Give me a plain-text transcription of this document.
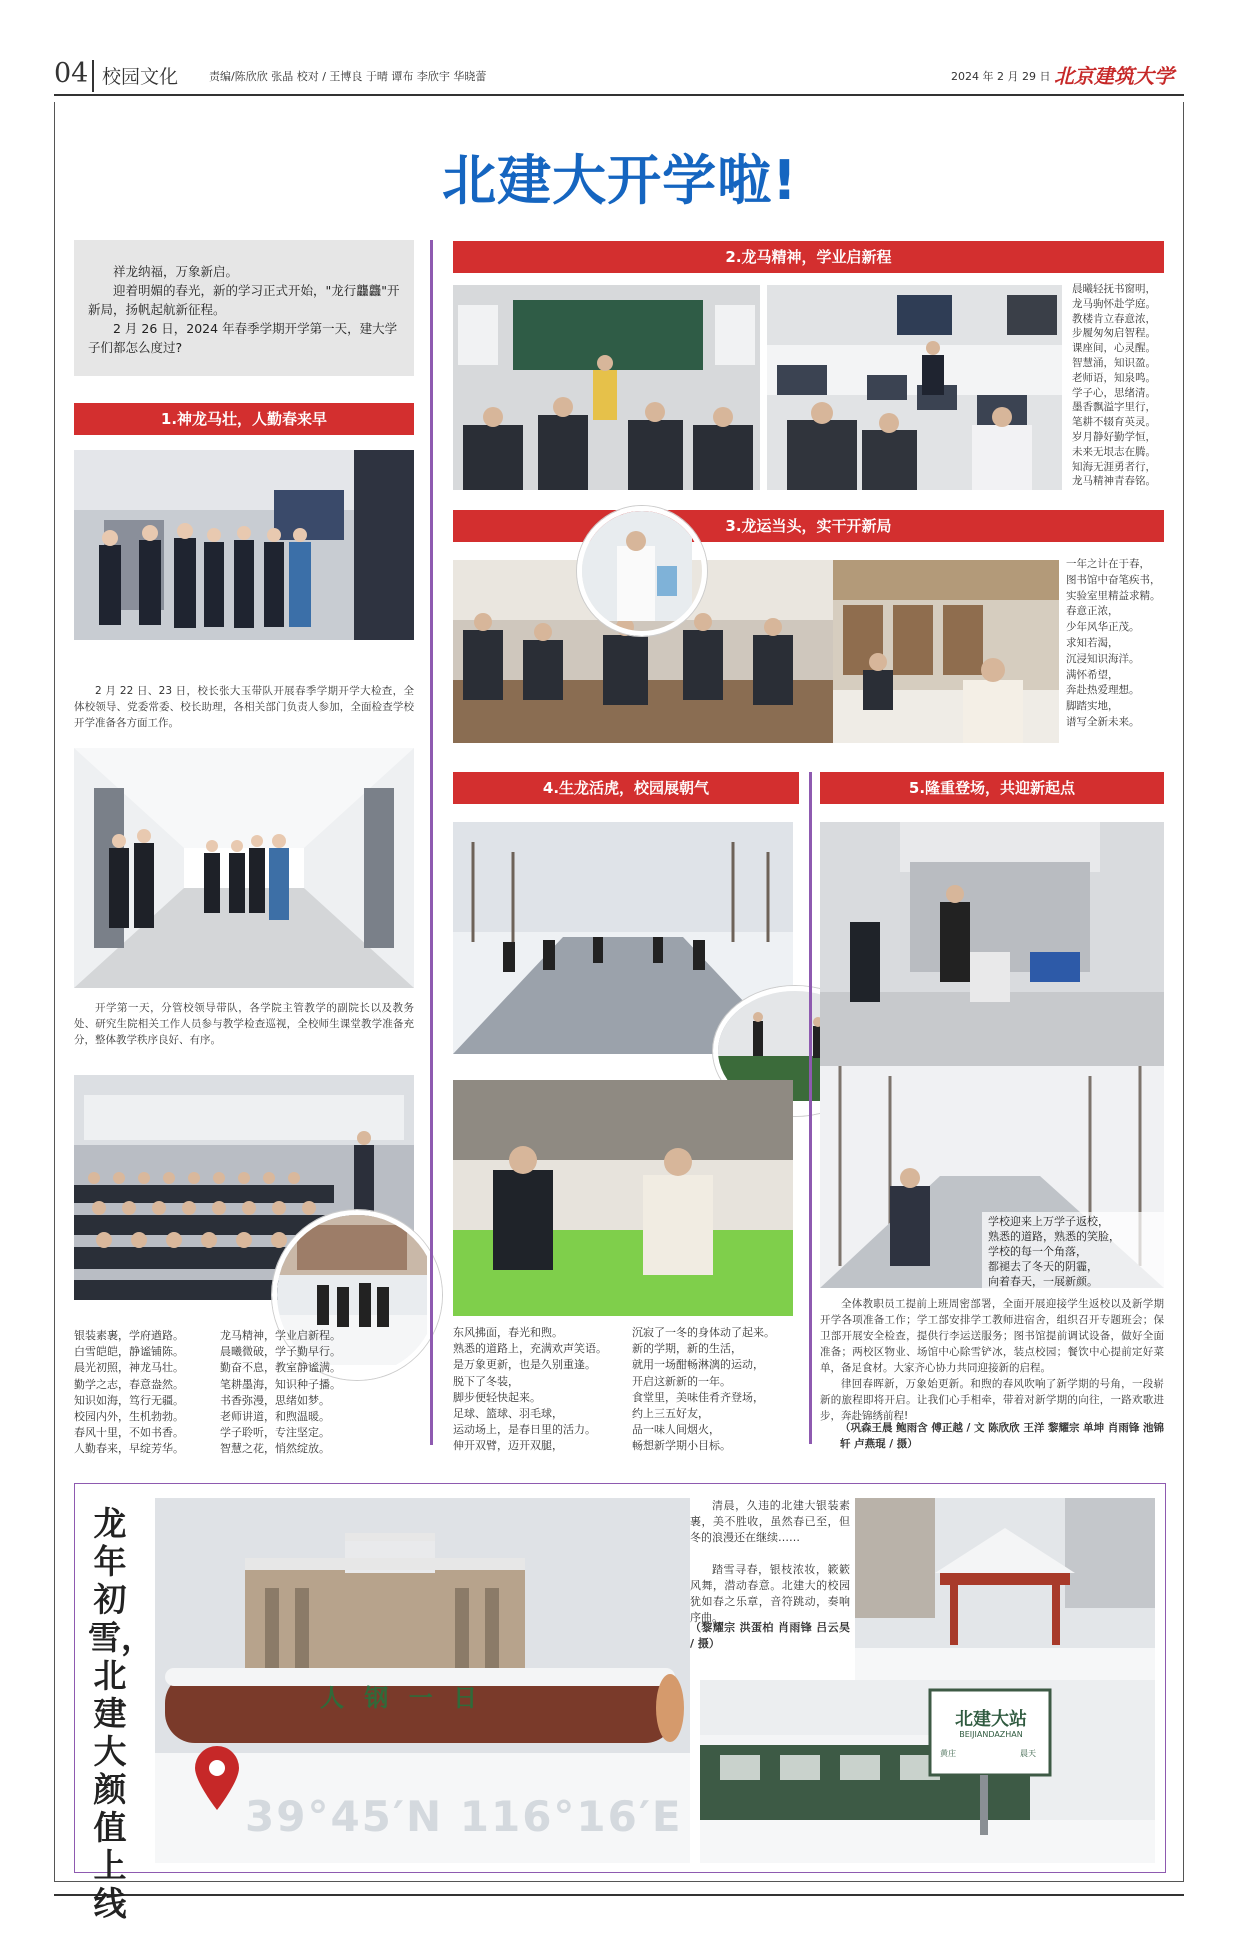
04 校园文化	责编/陈欣欣 张晶 校对 / 王博良 于晴 谭布 李欣宇 华晓蕾	2024 年 2 月 29 日 北京建筑大学
北建大开学啦!

祥龙纳福，万象新启。

迎着明媚的春光，新的学习正式开始，"龙行龘龘"开新局，扬帆起航新征程。

2 月 26 日，2024 年春季学期开学第一天，建大学子们都怎么度过?

1.神龙马壮，人勤春来早
2 月 22 日、23 日，校长张大玉带队开展春季学期开学大检查，全体校领导、党委常委、校长助理，各相关部门负责人参加，全面检查学校开学准备各方面工作。
开学第一天，分管校领导带队，各学院主管教学的副院长以及教务处、研究生院相关工作人员参与教学检查巡视，全校师生课堂教学准备充分，整体教学秩序良好、有序。
银装素裹，学府遒路。
白雪皑皑，静谧铺陈。
晨光初照，神龙马壮。
勤学之志，春意盎然。
知识如海，笃行无疆。
校园内外，生机勃勃。
春风十里，不如书香。
人勤春来，早绽芳华。
龙马精神，学业启新程。
晨曦微破，学子勤早行。
勤奋不息，教室静谧满。
笔耕墨海，知识种子播。
书香弥漫，思绪如梦。
老师讲道，和煦温暖。
学子聆听，专注坚定。
智慧之花，悄然绽放。
2.龙马精神，学业启新程
晨曦轻抚书窗明，
龙马驹怀赴学庭。
教楼肯立春意浓，
步履匆匆启智程。
课座间，心灵醒。
智慧涌，知识盈。
老师语，知泉鸣。
学子心，思绪清。
墨香飘溢字里行，
笔耕不辍育英灵。
岁月静好勤学恒，
未来无垠志在腾。
知海无涯勇者行，
龙马精神青春铭。
3.龙运当头，实干开新局
一年之计在于春，
图书馆中奋笔疾书，
实验室里精益求精。
春意正浓，
少年风华正茂。
求知若渴，
沉浸知识海洋。
满怀希望，
奔赴热爱理想。
脚踏实地，
谱写全新未来。
4.生龙活虎，校园展朝气
东风拂面，春光和煦。
熟悉的道路上，充满欢声笑语。
是万象更新，也是久别重逢。
脱下了冬装，
脚步便轻快起来。
足球、篮球、羽毛球，
运动场上，是春日里的活力。
伸开双臂，迈开双腿，
沉寂了一冬的身体动了起来。
新的学期，新的生活，
就用一场酣畅淋漓的运动，
开启这新新的一年。
食堂里，美味佳肴齐登场，
约上三五好友，
品一味人间烟火，
畅想新学期小目标。
5.隆重登场，共迎新起点
学校迎来上万学子返校，
熟悉的道路，熟悉的笑脸，
学校的每一个角落，
都褪去了冬天的阴霾，
向着春天，一展新颜。
全体教职员工提前上班周密部署，全面开展迎接学生返校以及新学期开学各项准备工作；学工部安排学工教师进宿舍，组织召开专题班会；保卫部开展安全检查，提供行李运送服务；图书馆提前调试设备，做好全面准备；两校区物业、场馆中心除雪铲冰，装点校园；餐饮中心提前定好菜单，备足食材。大家齐心协力共同迎接新的启程。
律回春晖新，万象始更新。和煦的春风吹响了新学期的号角，一段崭新的旅程即将开启。让我们心手相牵，带着对新学期的向往，一路欢歌进步，奔赴锦绣前程!
（巩森王晨 鲍雨含 傅正越 / 文 陈欣欣 王洋 黎耀宗 单坤 肖雨锋 池锦轩 卢燕琨 / 摄）
龙年初雪，北建大颜值上线
人 钢 一 日
39°45′N 116°16′E
清晨，久违的北建大银装素裹，美不胜收，虽然春已至，但冬的浪漫还在继续……
踏雪寻春，银枝浓妆，簌簌风舞，潜动春意。北建大的校园犹如春之乐章，音符跳动，奏响序曲。
（黎耀宗 洪蛋柏 肖雨锋 吕云昊 / 摄）
北建大站
BEIJIANDAZHAN
黄庄	晨天
